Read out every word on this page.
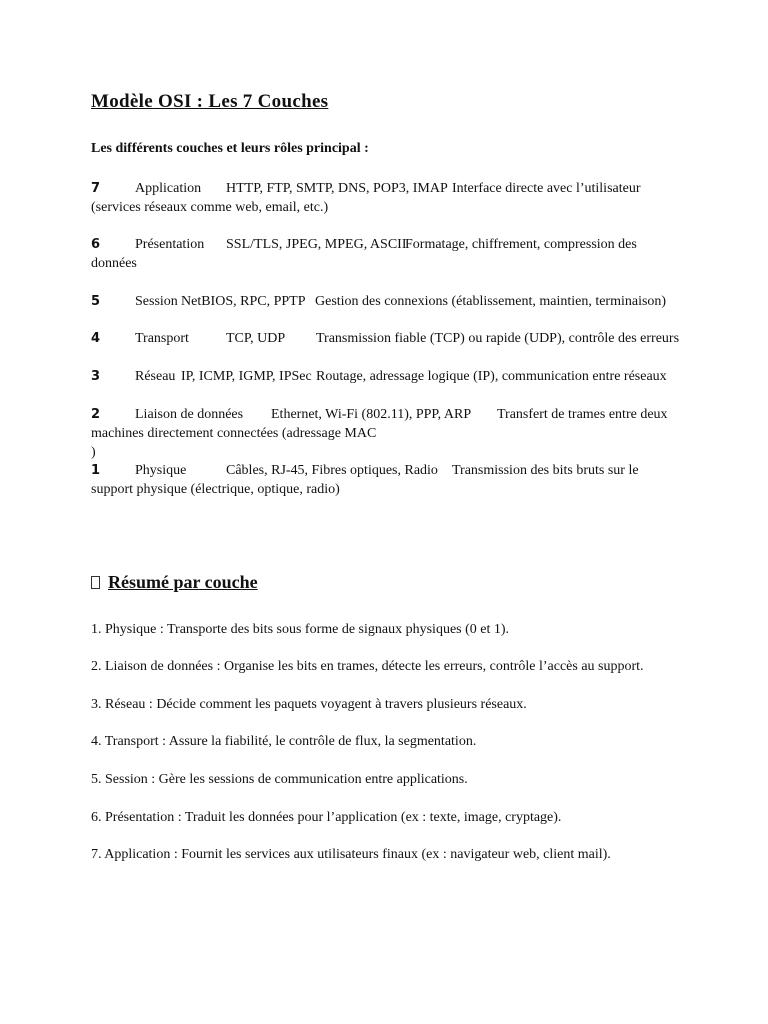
Modèle OSI : Les 7 Couches
Les différents couches et leurs rôles principal :
7 Application HTTP, FTP, SMTP, DNS, POP3, IMAP Interface directe avec l’utilisateur
(services réseaux comme web, email, etc.)
6 Présentation SSL/TLS, JPEG, MPEG, ASCII
Formatage, chiffrement, compression des
données
5 Session NetBIOS, RPC, PPTP Gestion des connexions (établissement, maintien, terminaison)
4 Transport	TCP, UDP Transmission fiable (TCP) ou rapide (UDP), contrôle des erreurs
3 Réseau IP, ICMP, IGMP, IPSec Routage, adressage logique (IP), communication entre réseaux
2 Liaison de données Ethernet, Wi-Fi (802.11), PPP, ARP Transfert de trames entre deux
machines directement connectées (adressage MAC
)
1 Physique	Câbles, RJ-45, Fibres optiques, Radio Transmission des bits bruts sur le
support physique (électrique, optique, radio)
Résumé par couche
1. Physique : Transporte des bits sous forme de signaux physiques (0 et 1).
2. Liaison de données : Organise les bits en trames, détecte les erreurs, contrôle l’accès au support.
3. Réseau : Décide comment les paquets voyagent à travers plusieurs réseaux.
4. Transport : Assure la fiabilité, le contrôle de flux, la segmentation.
5. Session : Gère les sessions de communication entre applications.
6. Présentation : Traduit les données pour l’application (ex : texte, image, cryptage).
7. Application : Fournit les services aux utilisateurs finaux (ex : navigateur web, client mail).
